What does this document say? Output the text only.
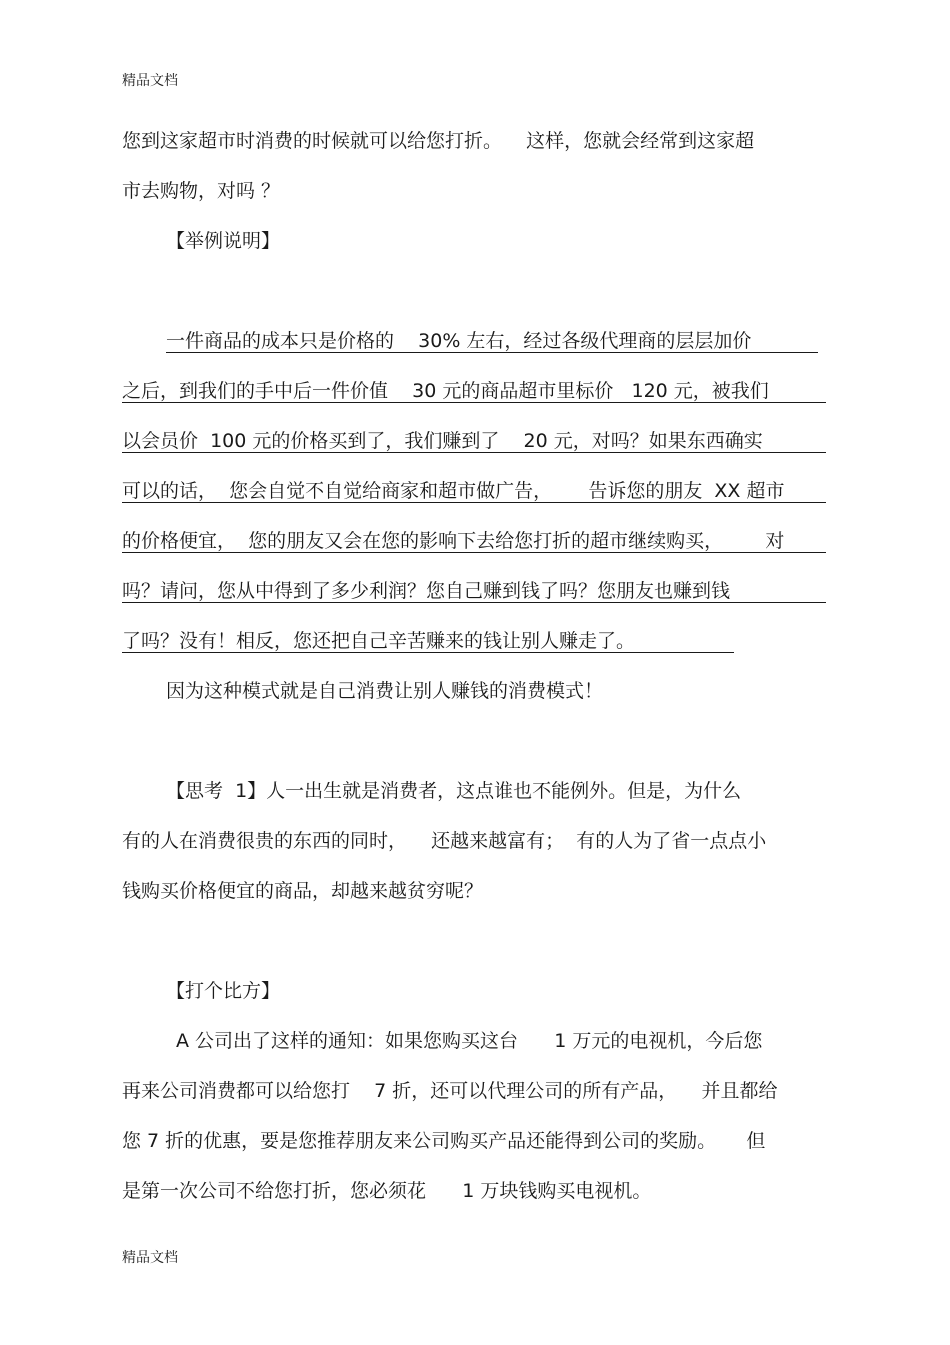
精品文档
您到这家超市时消费的时候就可以给您打折。    这样，您就会经常到这家超
市去购物，对吗 ？
【举例说明】
一件商品的成本只是价格的    30% 左右，经过各级代理商的层层加价
之后，到我们的手中后一件价值    30 元的商品超市里标价   120 元，被我们
以会员价  100 元的价格买到了，我们赚到了    20 元，对吗？如果东西确实
可以的话，  您会自觉不自觉给商家和超市做广告，      告诉您的朋友  XX 超市
的价格便宜，  您的朋友又会在您的影响下去给您打折的超市继续购买，       对
吗？请问，您从中得到了多少利润？您自己赚到钱了吗？您朋友也赚到钱
了吗？没有！相反，您还把自己辛苦赚来的钱让别人赚走了。
因为这种模式就是自己消费让别人赚钱的消费模式！
【思考  1】人一出生就是消费者，这点谁也不能例外。但是，为什么
有的人在消费很贵的东西的同时，    还越来越富有；  有的人为了省一点点小
钱购买价格便宜的商品，却越来越贫穷呢？
【打个比方】
A 公司出了这样的通知：如果您购买这台      1 万元的电视机，今后您
再来公司消费都可以给您打    7 折，还可以代理公司的所有产品，    并且都给
您 7 折的优惠，要是您推荐朋友来公司购买产品还能得到公司的奖励。     但
是第一次公司不给您打折，您必须花      1 万块钱购买电视机。
精品文档
